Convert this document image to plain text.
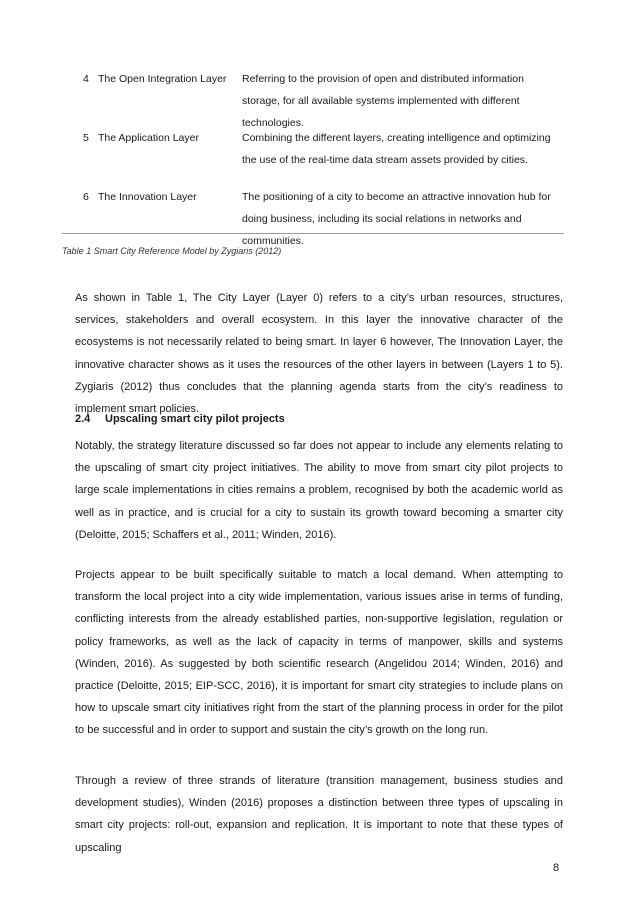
4 The Open Integration Layer Referring to the provision of open and distributed information storage, for all available systems implemented with different technologies.
5 The Application Layer	Combining the different layers, creating intelligence and optimizing the use of the real-time data stream assets provided by cities.
6 The Innovation Layer	The positioning of a city to become an attractive innovation hub for doing business, including its social relations in networks and communities.
Table 1 Smart City Reference Model by Zygiaris (2012)

As shown in Table 1, The City Layer (Layer 0) refers to a city’s urban resources, structures, services, stakeholders and overall ecosystem. In this layer the innovative character of the ecosystems is not necessarily related to being smart. In layer 6 however, The Innovation Layer, the innovative character shows as it uses the resources of the other layers in between (Layers 1 to 5). Zygiaris (2012) thus concludes that the planning agenda starts from the city’s readiness to implement smart policies.

2.4 Upscaling smart city pilot projects

Notably, the strategy literature discussed so far does not appear to include any elements relating to the upscaling of smart city project initiatives. The ability to move from smart city pilot projects to large scale implementations in cities remains a problem, recognised by both the academic world as well as in practice, and is crucial for a city to sustain its growth toward becoming a smarter city (Deloitte, 2015; Schaffers et al., 2011; Winden, 2016).

Projects appear to be built specifically suitable to match a local demand. When attempting to transform the local project into a city wide implementation, various issues arise in terms of funding, conflicting interests from the already established parties, non-supportive legislation, regulation or policy frameworks, as well as the lack of capacity in terms of manpower, skills and systems (Winden, 2016). As suggested by both scientific research (Angelidou 2014; Winden, 2016) and practice (Deloitte, 2015; EIP-SCC, 2016), it is important for smart city strategies to include plans on how to upscale smart city initiatives right from the start of the planning process in order for the pilot to be successful and in order to support and sustain the city’s growth on the long run.

Through a review of three strands of literature (transition management, business studies and development studies), Winden (2016) proposes a distinction between three types of upscaling in smart city projects: roll-out, expansion and replication. It is important to note that these types of upscaling

8
